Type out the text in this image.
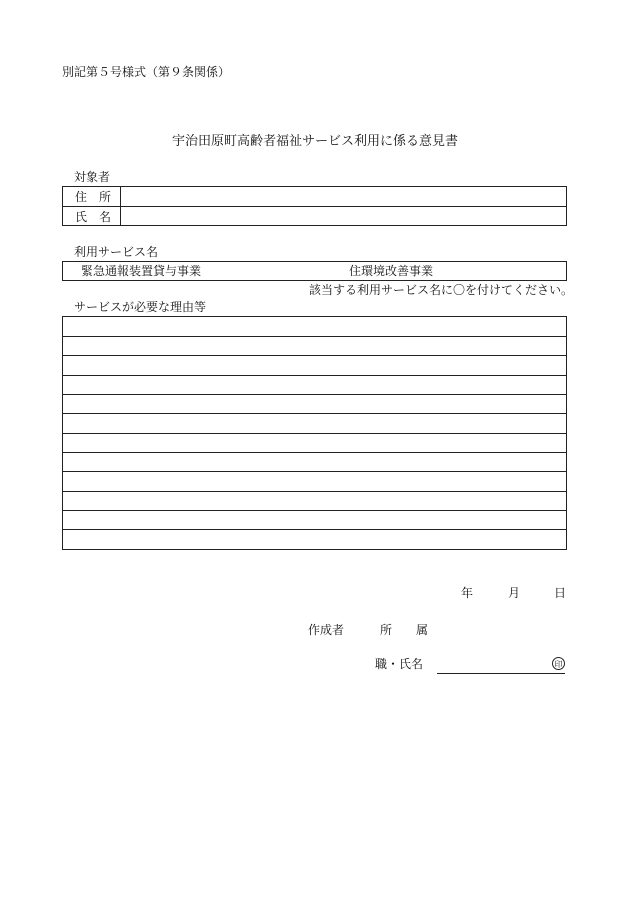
別記第５号様式（第９条関係）
宇治田原町高齢者福祉サービス利用に係る意見書
対象者
住　所
氏　名
利用サービス名
緊急通報装置貸与事業	住環境改善事業
該当する利用サービス名に〇を付けてください。
サービスが必要な理由等
年	月	日
作成者	所　　属
職・氏名	印
